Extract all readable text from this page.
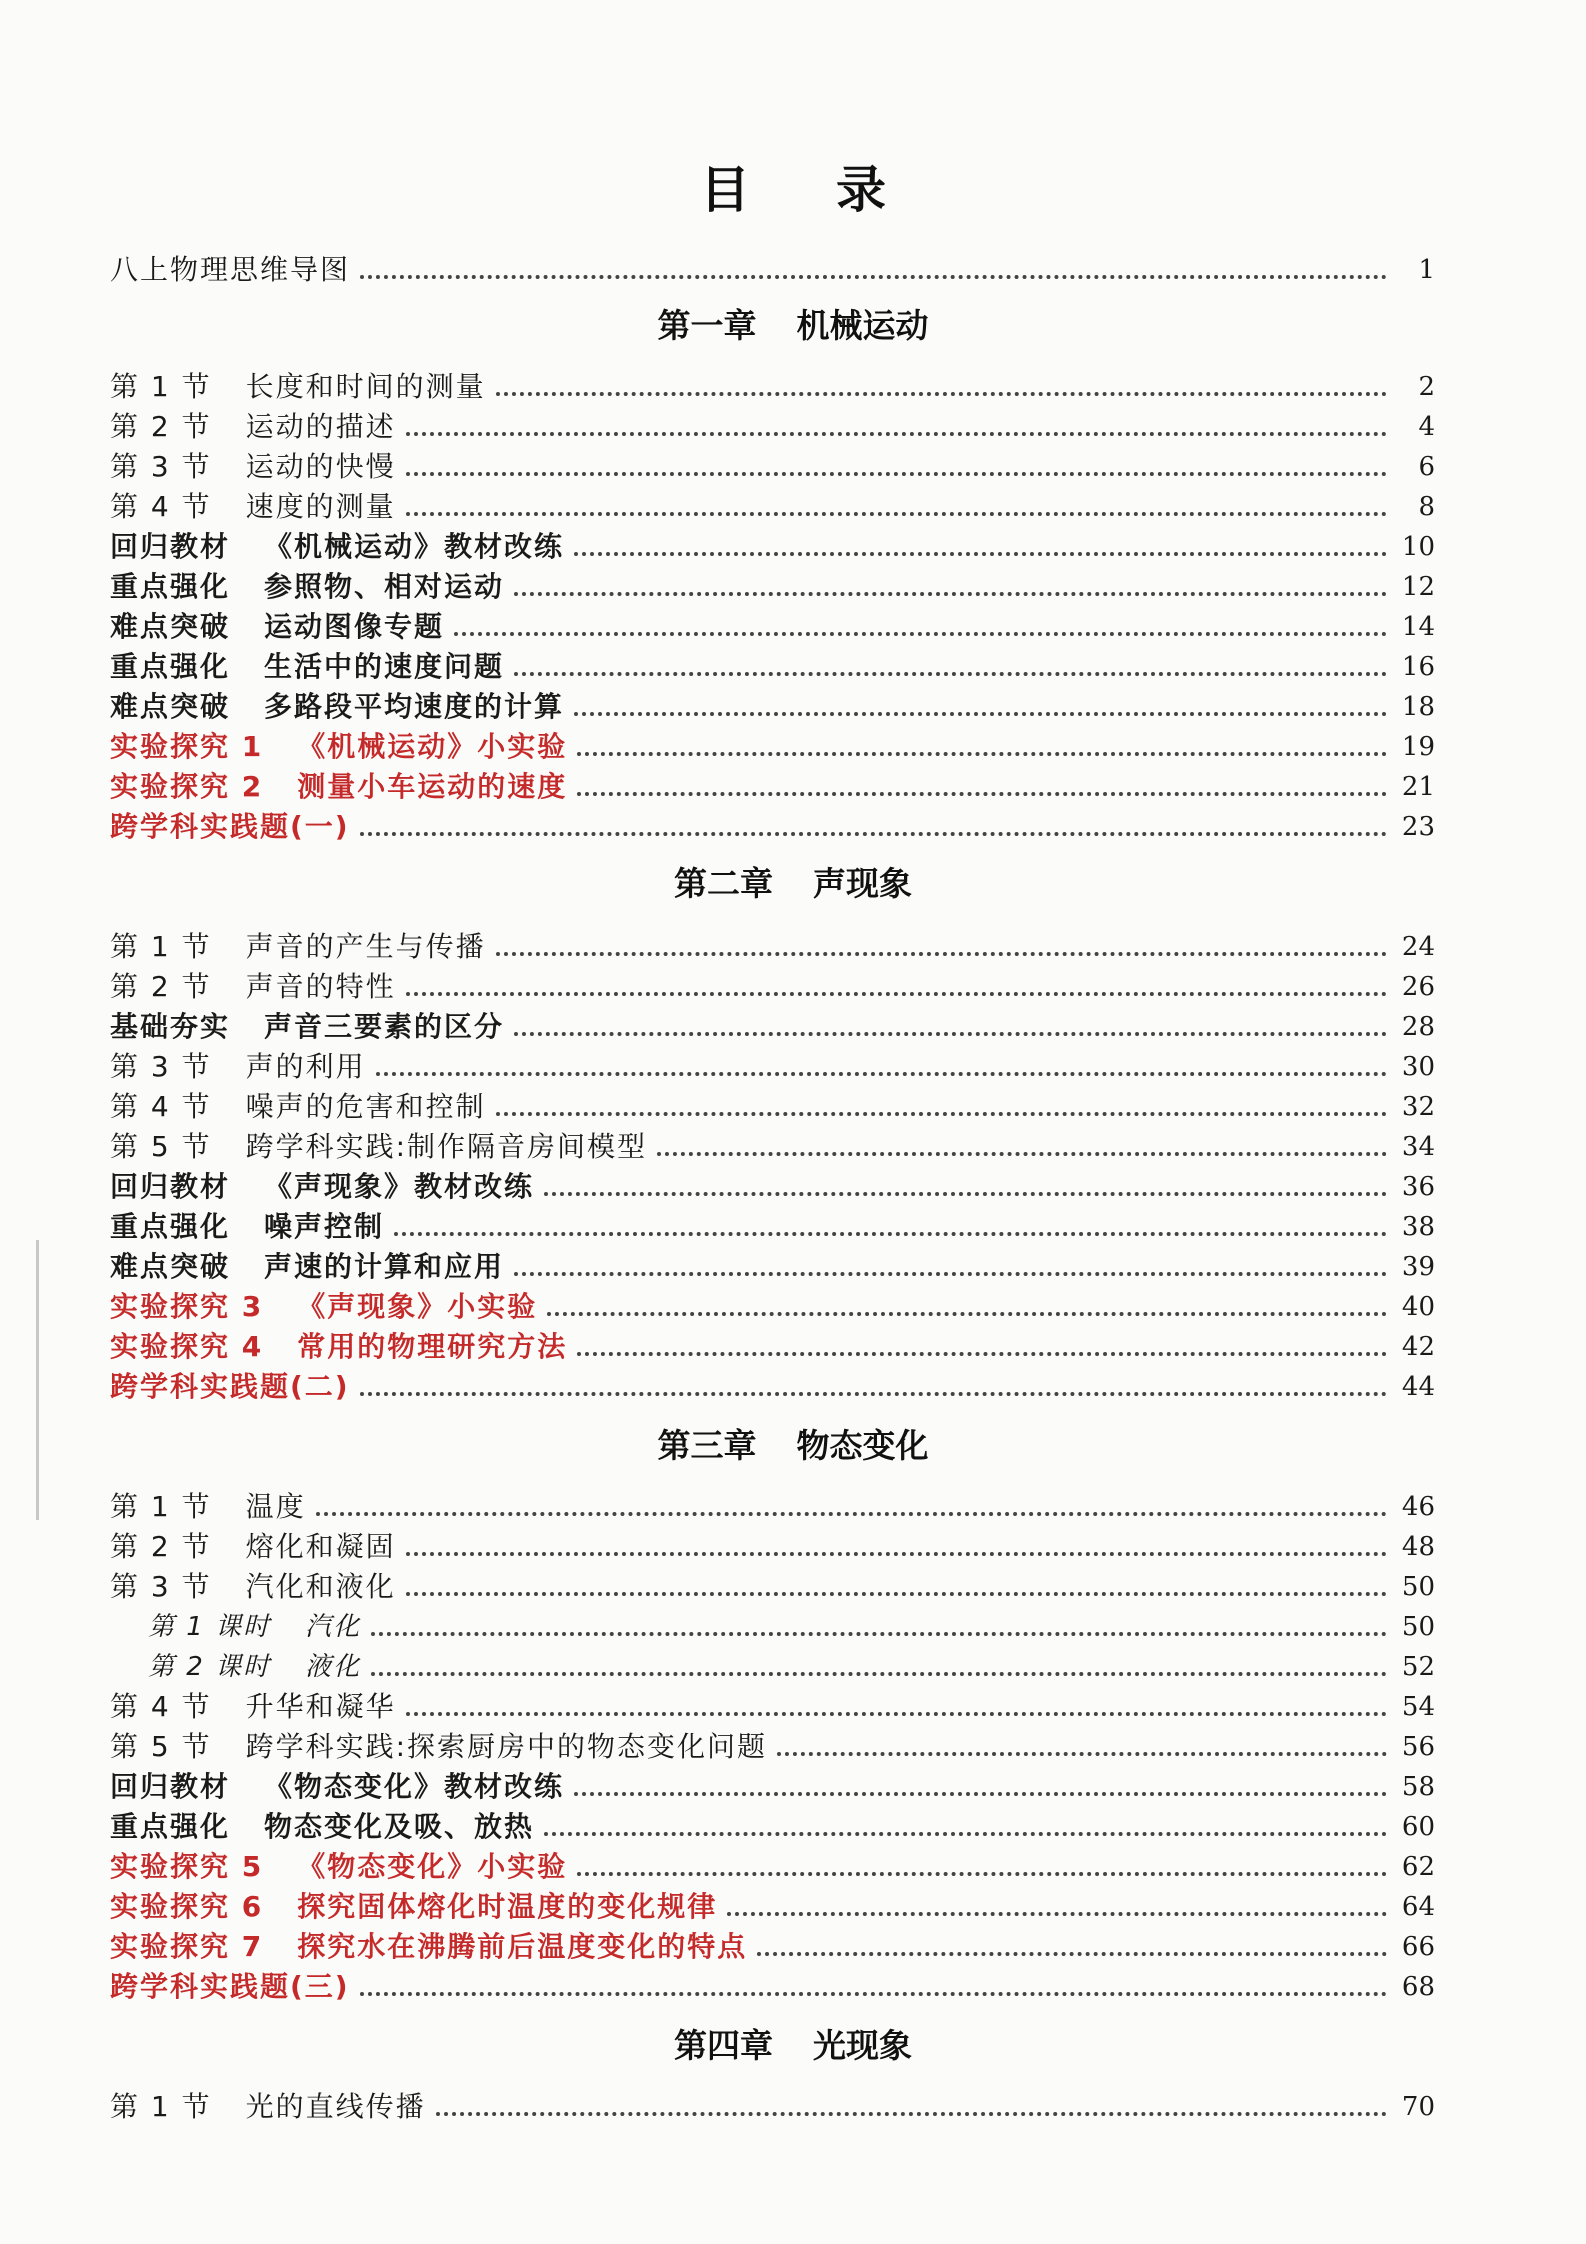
目录
八上物理思维导图	1
第一章 机械运动
第 1 节 长度和时间的测量	2
第 2 节 运动的描述	4
第 3 节 运动的快慢	6
第 4 节 速度的测量	8
回归教材 《机械运动》教材改练	10
重点强化 参照物、相对运动	12
难点突破 运动图像专题	14
重点强化 生活中的速度问题	16
难点突破 多路段平均速度的计算	18
实验探究 1 《机械运动》小实验	19
实验探究 2 测量小车运动的速度	21
跨学科实践题(一)	23
第二章 声现象
第 1 节 声音的产生与传播	24
第 2 节 声音的特性	26
基础夯实 声音三要素的区分	28
第 3 节 声的利用	30
第 4 节 噪声的危害和控制	32
第 5 节 跨学科实践:制作隔音房间模型	34
回归教材 《声现象》教材改练	36
重点强化 噪声控制	38
难点突破 声速的计算和应用	39
实验探究 3 《声现象》小实验	40
实验探究 4 常用的物理研究方法	42
跨学科实践题(二)	44
第三章 物态变化
第 1 节 温度	46
第 2 节 熔化和凝固	48
第 3 节 汽化和液化	50
第 1 课时 汽化	50
第 2 课时 液化	52
第 4 节 升华和凝华	54
第 5 节 跨学科实践:探索厨房中的物态变化问题	56
回归教材 《物态变化》教材改练	58
重点强化 物态变化及吸、放热	60
实验探究 5 《物态变化》小实验	62
实验探究 6 探究固体熔化时温度的变化规律	64
实验探究 7 探究水在沸腾前后温度变化的特点	66
跨学科实践题(三)	68
第四章 光现象
第 1 节 光的直线传播	70
